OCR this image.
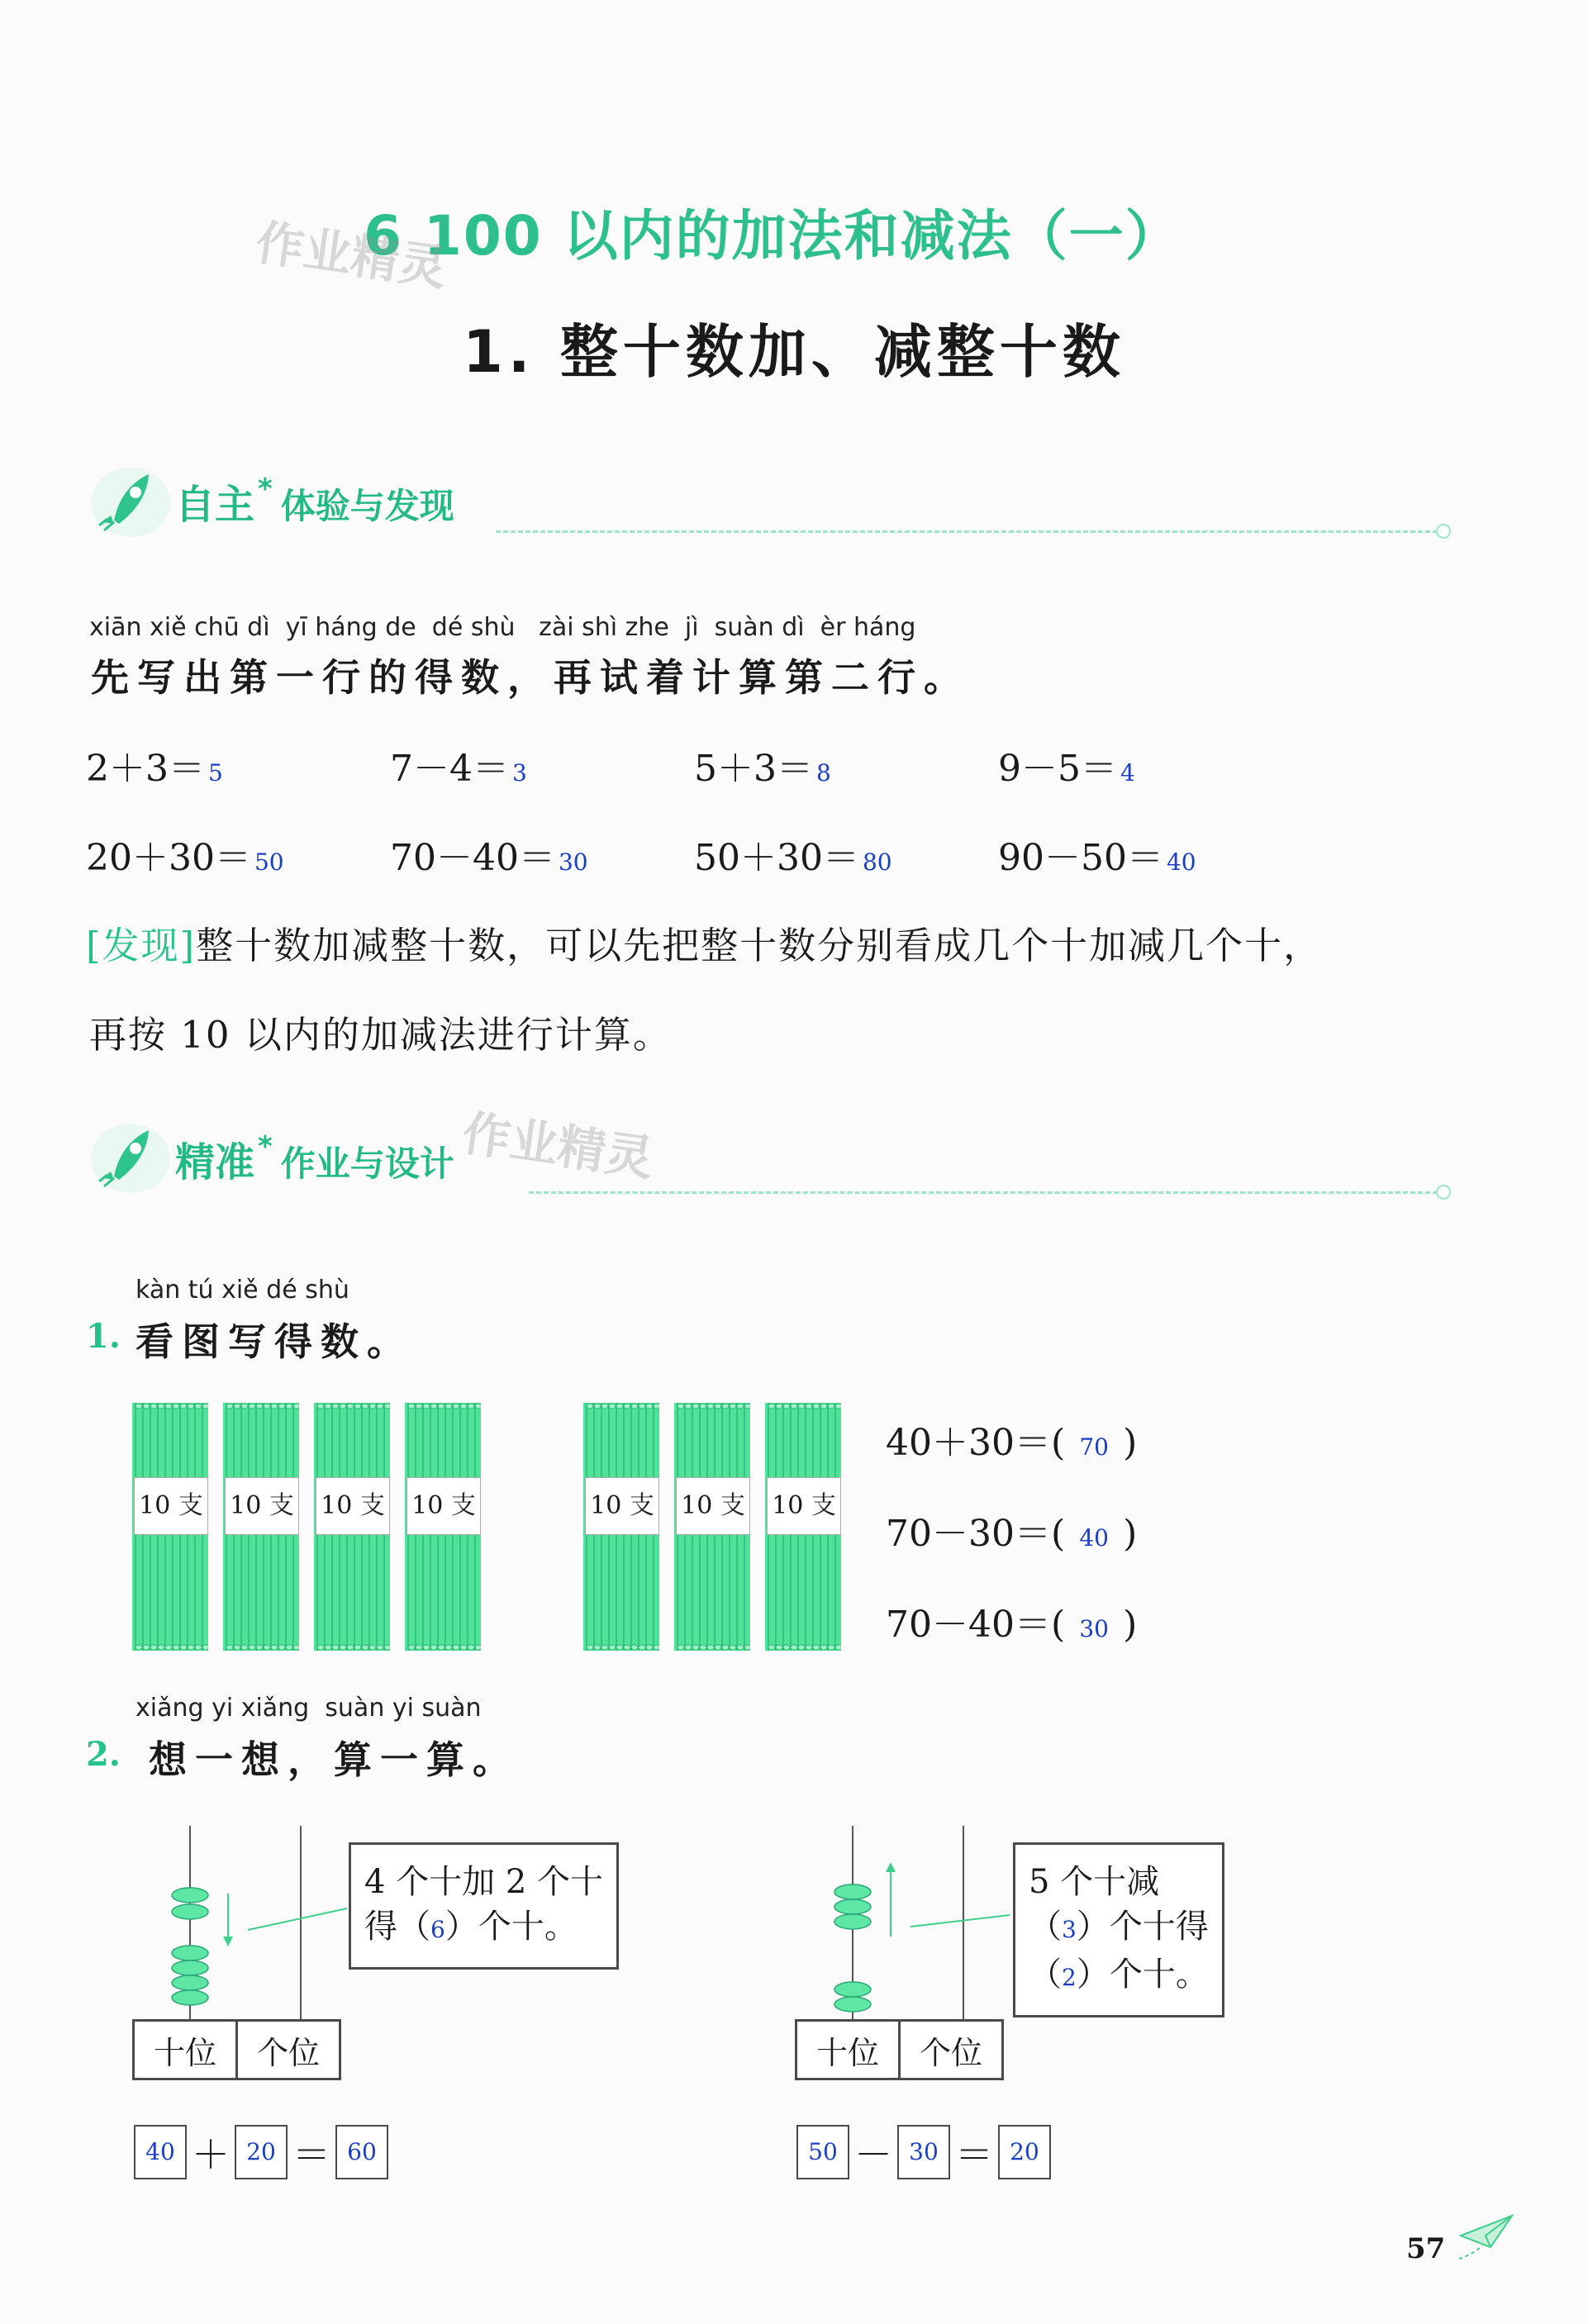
6 100 以内的加法和减法（一）
作业精灵
1. 整十数加、减整十数
自主 * 体验与发现
xiān xiě chū dì  yī háng de  dé shù   zài shì zhe  jì  suàn dì  èr háng
先写出第一行的得数，再试着计算第二行。
2＋3＝ 5	7－4＝ 3	5＋3＝ 8	9－5＝ 4
20＋30＝ 50	70－40＝ 30	50＋30＝ 80	90－50＝ 40
[发现]整十数加减整十数，可以先把整十数分别看成几个十加减几个十，
再按 10 以内的加减法进行计算。
精准 * 作业与设计 作业精灵
kàn tú xiě dé shù
1. 看图写得数。
10 支 10 支 10 支 10 支	10 支 10 支 10 支
40＋30＝( 70 )
70－30＝( 40 )
70－40＝( 30 )
xiǎng yi xiǎng  suàn yi suàn
2. 想一想，算一算。
4 个十加 2 个十
得（6）个十。
十位	个位
40 ＋ 20 ＝ 60
5 个十减
（3）个十得
（2）个十。
十位	个位
50 － 30 ＝ 20
57
